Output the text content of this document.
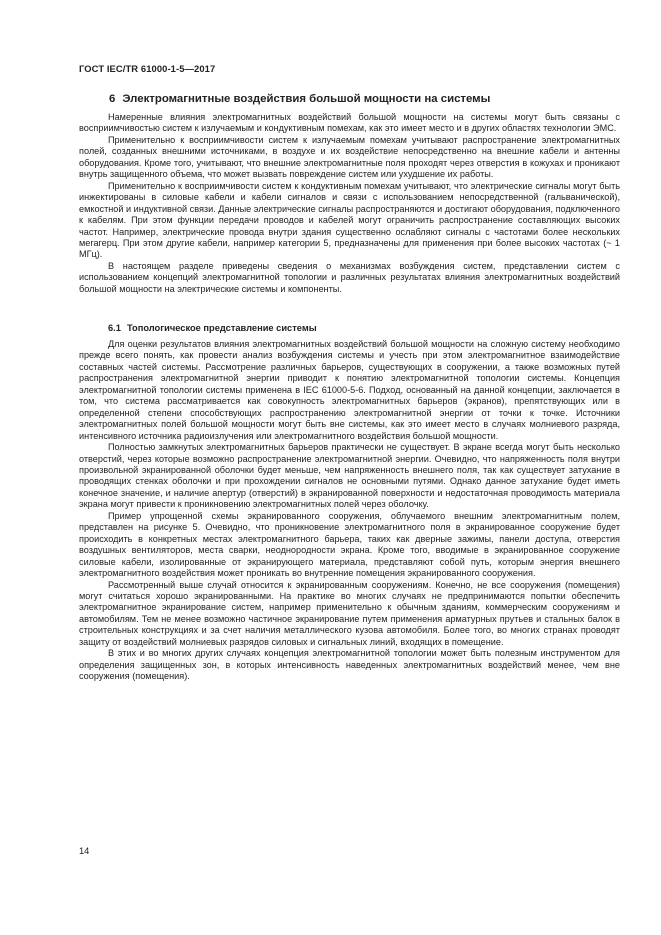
ГОСТ IEC/TR 61000-1-5—2017
6 Электромагнитные воздействия большой мощности на системы

Намеренные влияния электромагнитных воздействий большой мощности на системы могут быть связаны с восприимчивостью систем к излучаемым и кондуктивным помехам, как это имеет место и в других областях технологии ЭМС.

Применительно к восприимчивости систем к излучаемым помехам учитывают распространение электромагнитных полей, созданных внешними источниками, в воздухе и их воздействие непосредственно на внешние кабели и антенны оборудования. Кроме того, учитывают, что внешние электромагнитные поля проходят через отверстия в кожухах и проникают внутрь защищенного объема, что может вызвать повреждение систем или ухудшение их работы.

Применительно к восприимчивости систем к кондуктивным помехам учитывают, что электрические сигналы могут быть инжектированы в силовые кабели и кабели сигналов и связи с использованием непосредственной (гальванической), емкостной и индуктивной связи. Данные электрические сигналы распространяются и достигают оборудования, подключенного к кабелям. При этом функции передачи проводов и кабелей могут ограничить распространение составляющих высоких частот. Например, электрические провода внутри здания существенно ослабляют сигналы с частотами более нескольких мегагерц. При этом другие кабели, например категории 5, предназначены для применения при более высоких частотах (~ 1 МГц).

В настоящем разделе приведены сведения о механизмах возбуждения систем, представлении систем с использованием концепций электромагнитной топологии и различных результатах влияния электромагнитных воздействий большой мощности на электрические системы и компоненты.

6.1 Топологическое представление системы

Для оценки результатов влияния электромагнитных воздействий большой мощности на сложную систему необходимо прежде всего понять, как провести анализ возбуждения системы и учесть при этом электромагнитное взаимодействие составных частей системы. Рассмотрение различных барьеров, существующих в сооружении, а также возможных путей распространения электромагнитной энергии приводит к понятию электромагнитной топологии системы. Концепция электромагнитной топологии системы применена в IEC 61000-5-6. Подход, основанный на данной концепции, заключается в том, что система рассматривается как совокупность электромагнитных барьеров (экранов), препятствующих или в определенной степени способствующих распространению электромагнитной энергии от точки к точке. Источники электромагнитных полей большой мощности могут быть вне системы, как это имеет место в случаях молниевого разряда, интенсивного источника радиоизлучения или электромагнитного воздействия большой мощности.

Полностью замкнутых электромагнитных барьеров практически не существует. В экране всегда могут быть несколько отверстий, через которые возможно распространение электромагнитной энергии. Очевидно, что напряженность поля внутри произвольной экранированной оболочки будет меньше, чем напряженность внешнего поля, так как существует затухание в проводящих стенках оболочки и при прохождении сигналов не основными путями. Однако данное затухание будет иметь конечное значение, и наличие апертур (отверстий) в экранированной поверхности и недостаточная проводимость материала экрана могут привести к проникновению электромагнитных полей через оболочку.

Пример упрощенной схемы экранированного сооружения, облучаемого внешним электромагнитным полем, представлен на рисунке 5. Очевидно, что проникновение электромагнитного поля в экранированное сооружение будет происходить в конкретных местах электромагнитного барьера, таких как дверные зажимы, панели доступа, отверстия воздушных вентиляторов, места сварки, неоднородности экрана. Кроме того, вводимые в экранированное сооружение силовые кабели, изолированные от экранирующего материала, представляют собой путь, которым энергия внешнего электромагнитного воздействия может проникать во внутренние помещения экранированного сооружения.

Рассмотренный выше случай относится к экранированным сооружениям. Конечно, не все сооружения (помещения) могут считаться хорошо экранированными. На практике во многих случаях не предпринимаются попытки обеспечить электромагнитное экранирование систем, например применительно к обычным зданиям, коммерческим сооружениям и автомобилям. Тем не менее возможно частичное экранирование путем применения арматурных прутьев и стальных балок в строительных конструкциях и за счет наличия металлического кузова автомобиля. Более того, во многих странах проводят защиту от воздействий молниевых разрядов силовых и сигнальных линий, входящих в помещение.

В этих и во многих других случаях концепция электромагнитной топологии может быть полезным инструментом для определения защищенных зон, в которых интенсивность наведенных электромагнитных воздействий менее, чем вне сооружения (помещения).

14
